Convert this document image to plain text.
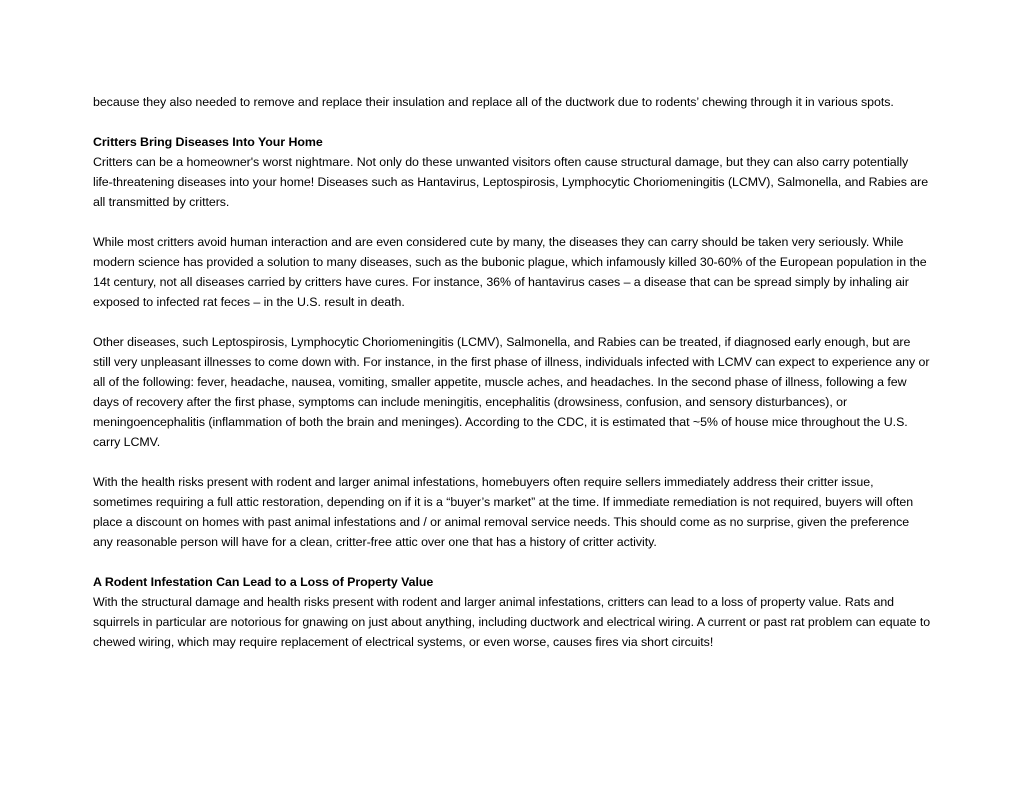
because they also needed to remove and replace their insulation and replace all of the ductwork due to rodents’ chewing through it in various spots.

Critters Bring Diseases Into Your Home

Critters can be a homeowner's worst nightmare. Not only do these unwanted visitors often cause structural damage, but they can also carry potentially life-threatening diseases into your home! Diseases such as Hantavirus, Leptospirosis, Lymphocytic Choriomeningitis (LCMV), Salmonella, and Rabies are all transmitted by critters.

While most critters avoid human interaction and are even considered cute by many, the diseases they can carry should be taken very seriously. While modern science has provided a solution to many diseases, such as the bubonic plague, which infamously killed 30-60% of the European population in the 14t century, not all diseases carried by critters have cures. For instance, 36% of hantavirus cases – a disease that can be spread simply by inhaling air exposed to infected rat feces – in the U.S. result in death.

Other diseases, such Leptospirosis, Lymphocytic Choriomeningitis (LCMV), Salmonella, and Rabies can be treated, if diagnosed early enough, but are still very unpleasant illnesses to come down with. For instance, in the first phase of illness, individuals infected with LCMV can expect to experience any or all of the following: fever, headache, nausea, vomiting, smaller appetite, muscle aches, and headaches. In the second phase of illness, following a few days of recovery after the first phase, symptoms can include meningitis, encephalitis (drowsiness, confusion, and sensory disturbances), or meningoencephalitis (inflammation of both the brain and meninges). According to the CDC, it is estimated that ~5% of house mice throughout the U.S. carry LCMV.

With the health risks present with rodent and larger animal infestations, homebuyers often require sellers immediately address their critter issue, sometimes requiring a full attic restoration, depending on if it is a “buyer’s market” at the time. If immediate remediation is not required, buyers will often place a discount on homes with past animal infestations and / or animal removal service needs. This should come as no surprise, given the preference any reasonable person will have for a clean, critter-free attic over one that has a history of critter activity.

A Rodent Infestation Can Lead to a Loss of Property Value

With the structural damage and health risks present with rodent and larger animal infestations, critters can lead to a loss of property value. Rats and squirrels in particular are notorious for gnawing on just about anything, including ductwork and electrical wiring. A current or past rat problem can equate to chewed wiring, which may require replacement of electrical systems, or even worse, causes fires via short circuits!
